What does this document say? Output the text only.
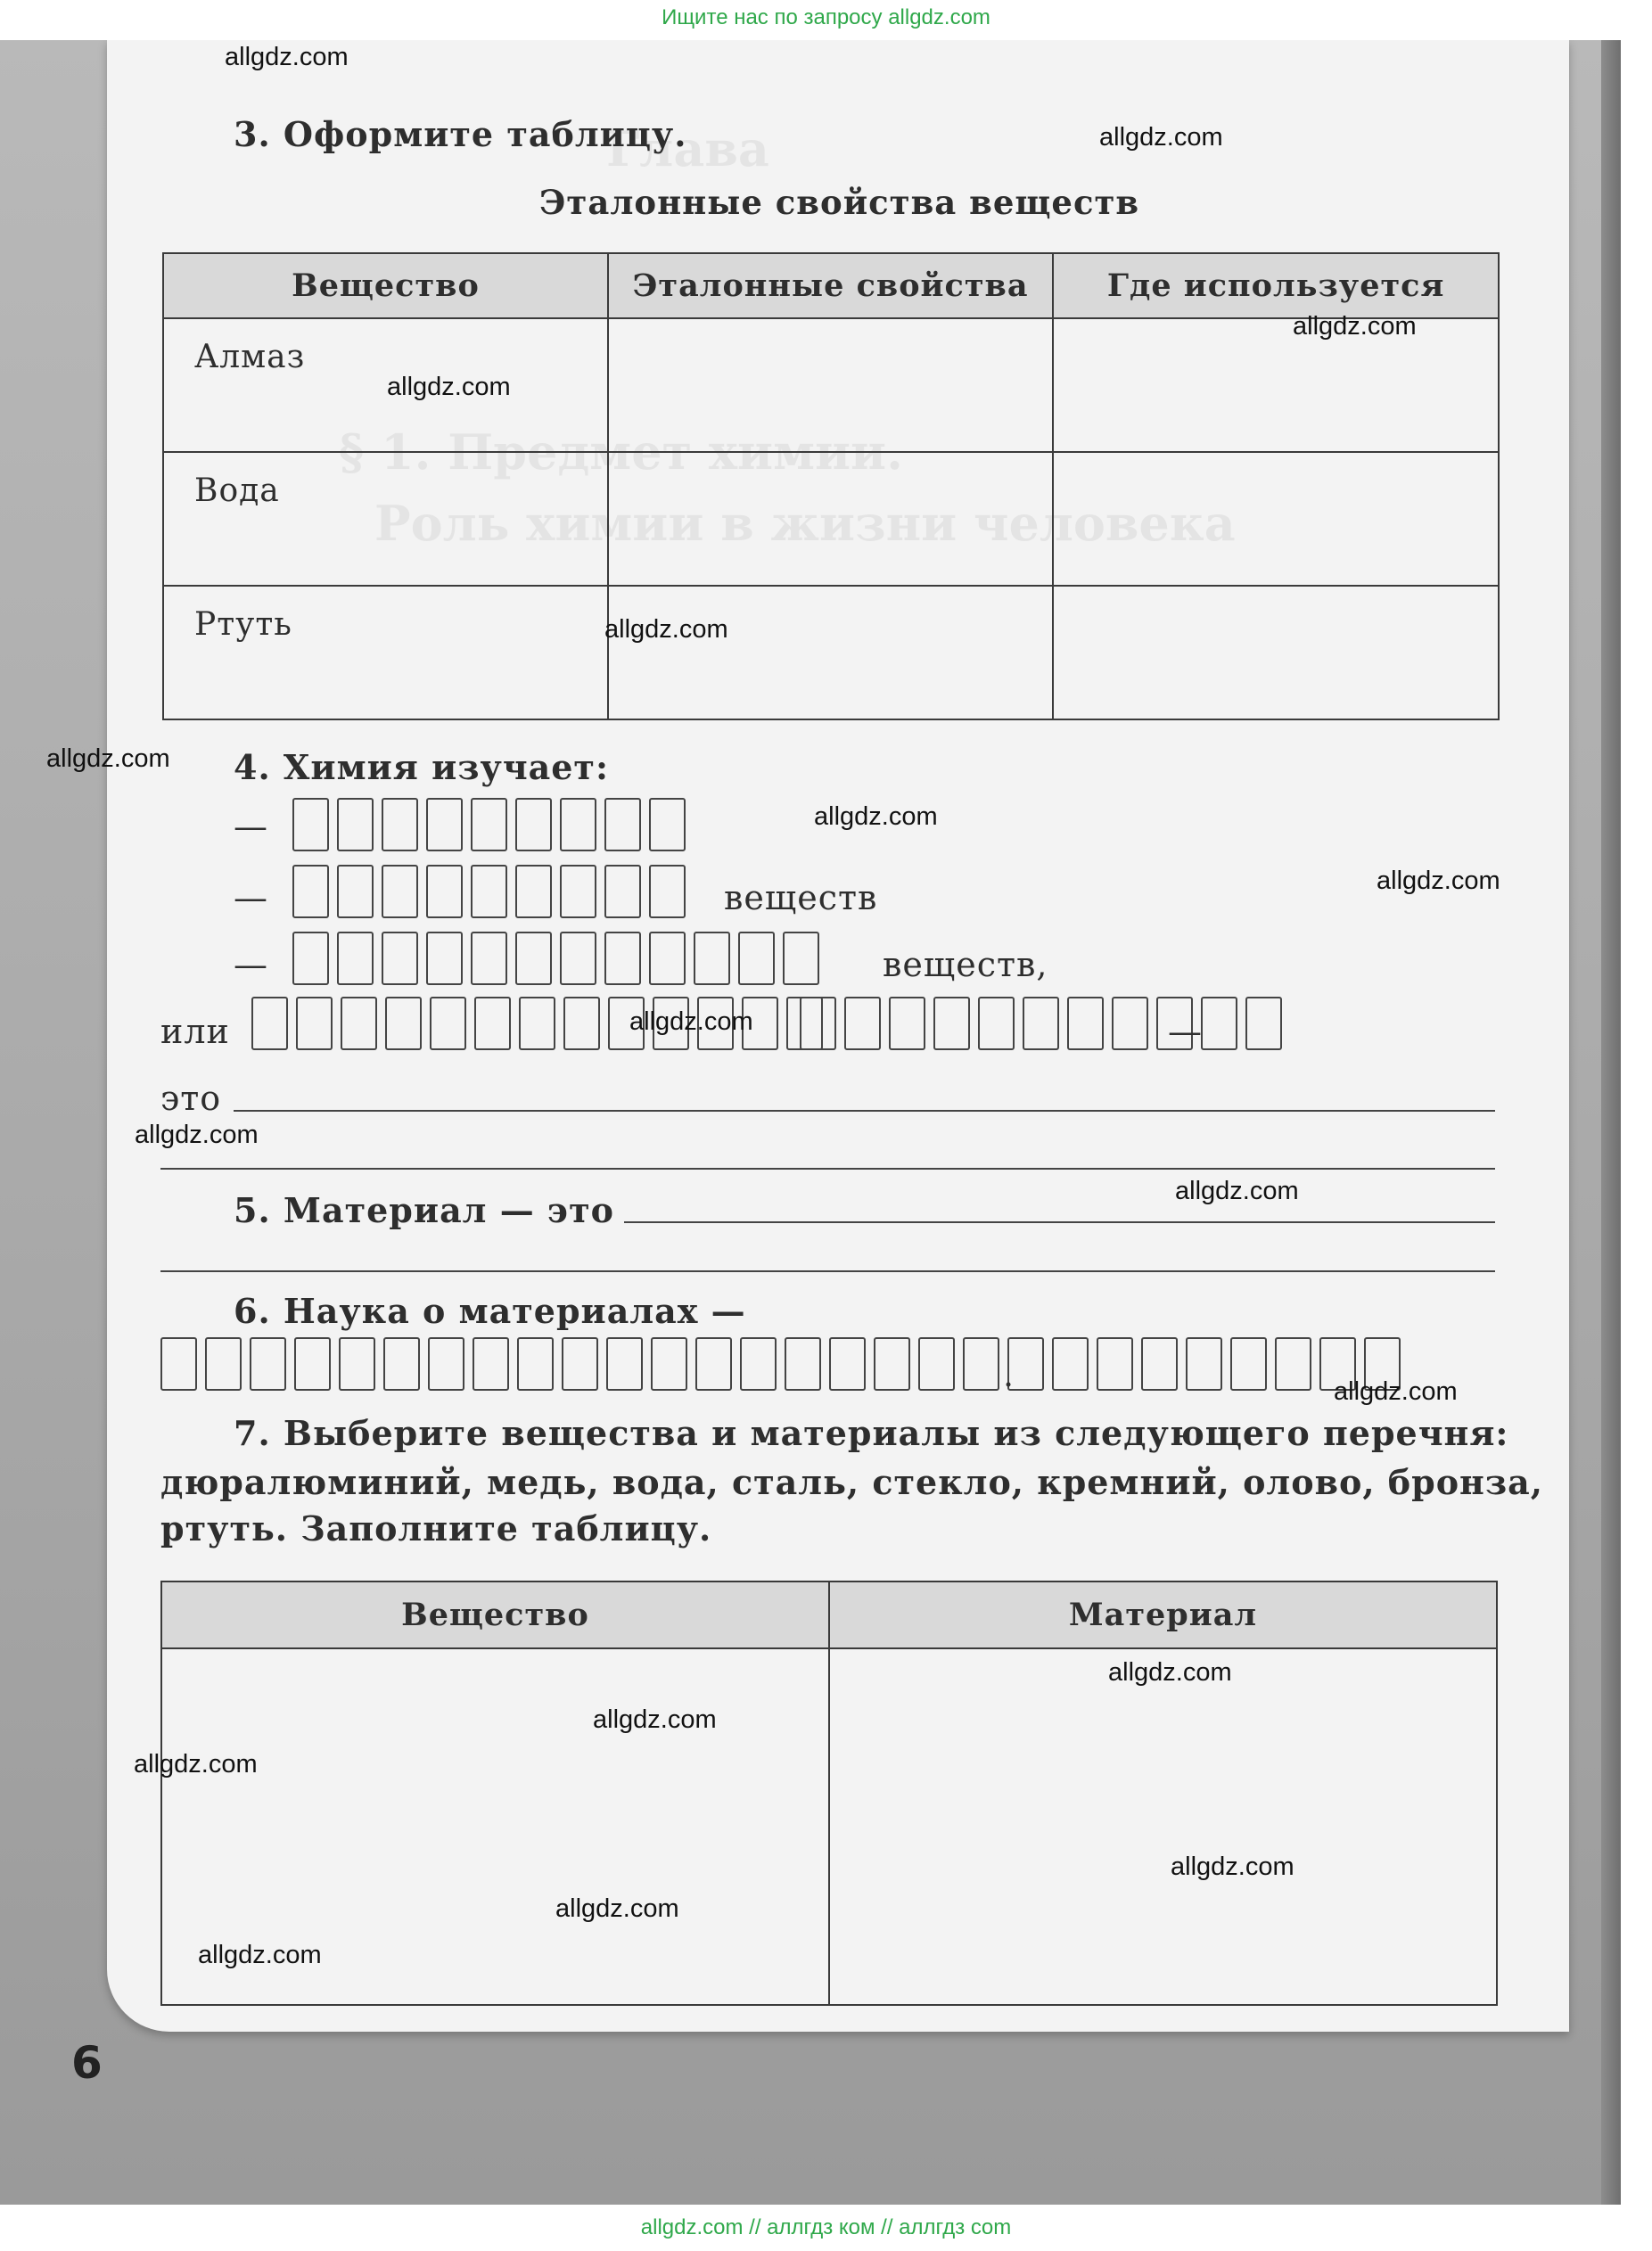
Ищите нас по запросу allgdz.com
Глава
§ 1. Предмет химии.
Роль химии в жизни человека
3. Оформите таблицу.
Эталонные свойства веществ
Вещество	Эталонные свойства	Где используется

Алмаз		

Вода		

Ртуть		

4. Химия изучает:
—
—	веществ
—	веществ,
или	—
это
5. Материал — это
6. Наука о материалах —
.
7. Выберите вещества и материалы из следующего перечня:
дюралюминий, медь, вода, сталь, стекло, кремний, олово, бронза,
ртуть. Заполните таблицу.
Вещество	Материал

6
allgdz.com
allgdz.com
allgdz.com
allgdz.com
allgdz.com
allgdz.com
allgdz.com
allgdz.com
allgdz.com
allgdz.com
allgdz.com
allgdz.com
allgdz.com
allgdz.com
allgdz.com
allgdz.com
allgdz.com
allgdz.com
allgdz.com // аллгдз ком // аллгдз com
